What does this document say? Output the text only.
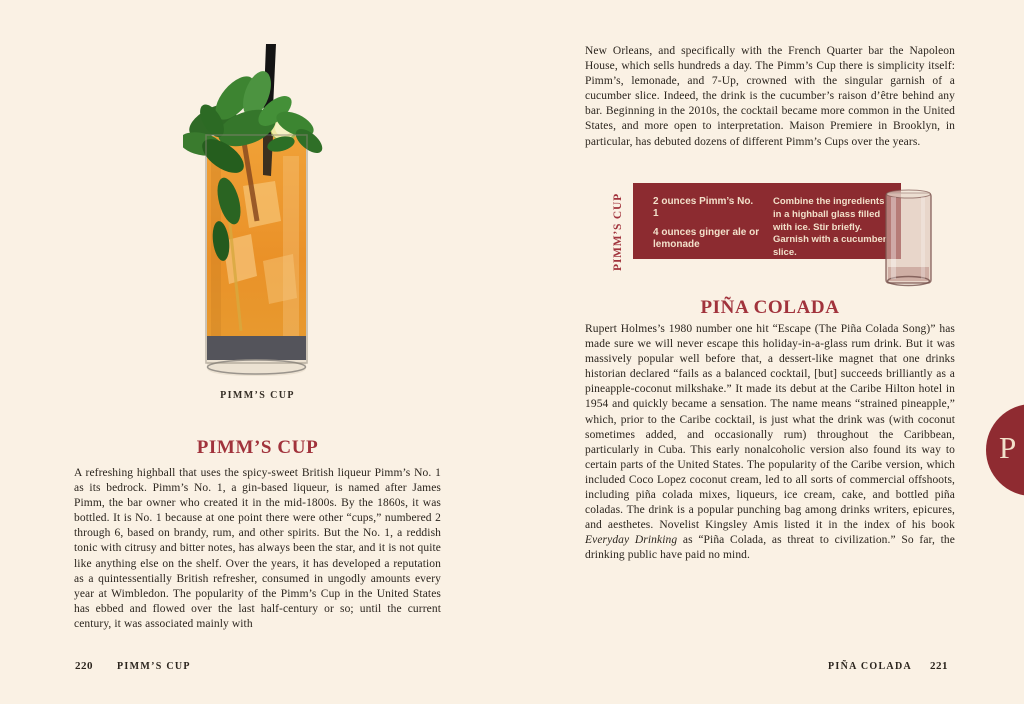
PIMM’S CUP
PIMM’S CUP

A refreshing highball that uses the spicy-sweet British liqueur Pimm’s No. 1 as its bedrock. Pimm’s No. 1, a gin-based liqueur, is named after James Pimm, the bar owner who created it in the mid-1800s. By the 1860s, it was bottled. It is No. 1 because at one point there were other “cups,” numbered 2 through 6, based on brandy, rum, and other spirits. But the No. 1, a reddish tonic with citrusy and bitter notes, has always been the star, and it is not quite like anything else on the shelf. Over the years, it has developed a reputation as a quintessentially British refresher, consumed in ungodly amounts every year at Wimbledon. The popularity of the Pimm’s Cup in the United States has ebbed and flowed over the last half-century or so; until the current century, it was associated mainly with

220 PIMM’S CUP

New Orleans, and specifically with the French Quarter bar the Napoleon House, which sells hundreds a day. The Pimm’s Cup there is simplicity itself: Pimm’s, lemonade, and 7-Up, crowned with the singular garnish of a cucumber slice. Indeed, the drink is the cucumber’s raison d’être behind any bar. Beginning in the 2010s, the cocktail became more common in the United States, and more open to interpretation. Maison Premiere in Brooklyn, in particular, has debuted dozens of different Pimm’s Cups over the years.

PIMM’S CUP	2 ounces Pimm’s No. 1

4 ounces ginger ale or lemonade

Combine the ingredients in a highball glass filled with ice. Stir briefly. Garnish with a cucumber slice.
PIÑA COLADA

Rupert Holmes’s 1980 number one hit “Escape (The Piña Colada Song)” has made sure we will never escape this holiday-in-a-glass rum drink. But it was massively popular well before that, a dessert-like magnet that one drinks historian declared “fails as a balanced cocktail, [but] succeeds brilliantly as a pineapple-coconut milkshake.” It made its debut at the Caribe Hilton hotel in 1954 and quickly became a sensation. The name means “strained pineapple,” which, prior to the Caribe cocktail, is just what the drink was (with coconut sometimes added, and occasionally rum) throughout the Caribbean, particularly in Cuba. This early nonalcoholic version also found its way to certain parts of the United States. The popularity of the Caribe version, which included Coco Lopez coconut cream, led to all sorts of commercial offshoots, including piña colada mixes, liqueurs, ice cream, cake, and bottled piña coladas. The drink is a popular punching bag among drinks writers, epicures, and aesthetes. Novelist Kingsley Amis listed it in the index of his book Everyday Drinking as “Piña Colada, as threat to civilization.” So far, the drinking public have paid no mind.

P
PIÑA COLADA 221
